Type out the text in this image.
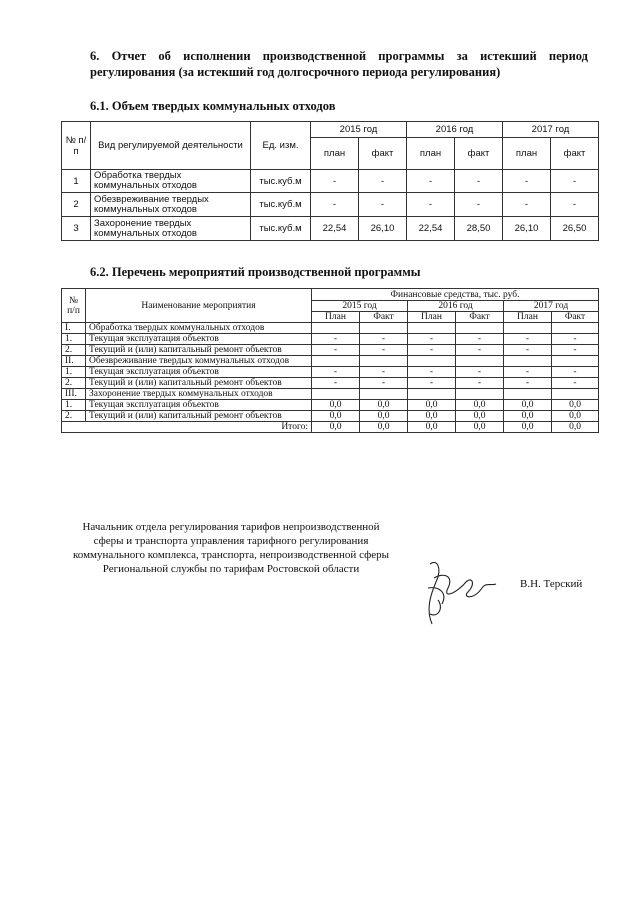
6. Отчет об исполнении производственной программы за истекший период регулирования (за истекший год долгосрочного периода регулирования)
6.1. Объем твердых коммунальных отходов
№ п/п	Вид регулируемой деятельности	Ед. изм.	2015 год		2016 год		2017 год	
			план	факт	план	факт	план	факт
1	Обработка твердых коммунальных отходов	тыс.куб.м	-	-	-	-	-	-
2	Обезвреживание твердых коммунальных отходов	тыс.куб.м	-	-	-	-	-	-
3	Захоронение твердых коммунальных отходов	тыс.куб.м	22,54	26,10	22,54	28,50	26,10	26,50
6.2. Перечень мероприятий производственной программы
№ п/п	Наименование мероприятия	Финансовые средства, тыс. руб.					
		2015 год		2016 год		2017 год	
		План	Факт	План	Факт	План	Факт
I.	Обработка твердых коммунальных отходов						
1.	Текущая эксплуатация объектов	-	-	-	-	-	-
2.	Текущий и (или) капитальный ремонт объектов	-	-	-	-	-	-
II.	Обезвреживание твердых коммунальных отходов						
1.	Текущая эксплуатация объектов	-	-	-	-	-	-
2.	Текущий и (или) капитальный ремонт объектов	-	-	-	-	-	-
III.	Захоронение твердых коммунальных отходов						
1.	Текущая эксплуатация объектов	0,0	0,0	0,0	0,0	0,0	0,0
2.	Текущий и (или) капитальный ремонт объектов	0,0	0,0	0,0	0,0	0,0	0,0
Итого:		0,0	0,0	0,0	0,0	0,0	0,0
Начальник отдела регулирования тарифов непроизводственной сферы и транспорта управления тарифного регулирования коммунального комплекса, транспорта, непроизводственной сферы Региональной службы по тарифам Ростовской области
В.Н. Терский
